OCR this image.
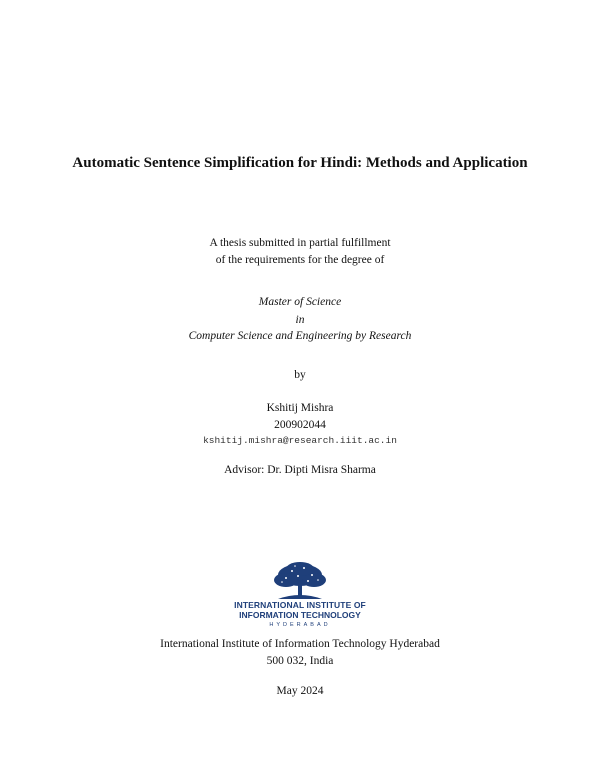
Automatic Sentence Simplification for Hindi: Methods and Application
A thesis submitted in partial fulfillment
of the requirements for the degree of
Master of Science
in
Computer Science and Engineering by Research
by
Kshitij Mishra
200902044
kshitij.mishra@research.iiit.ac.in
Advisor: Dr. Dipti Misra Sharma
INTERNATIONAL INSTITUTE OF
INFORMATION TECHNOLOGY
HYDERABAD
International Institute of Information Technology Hyderabad
500 032, India
May 2024
